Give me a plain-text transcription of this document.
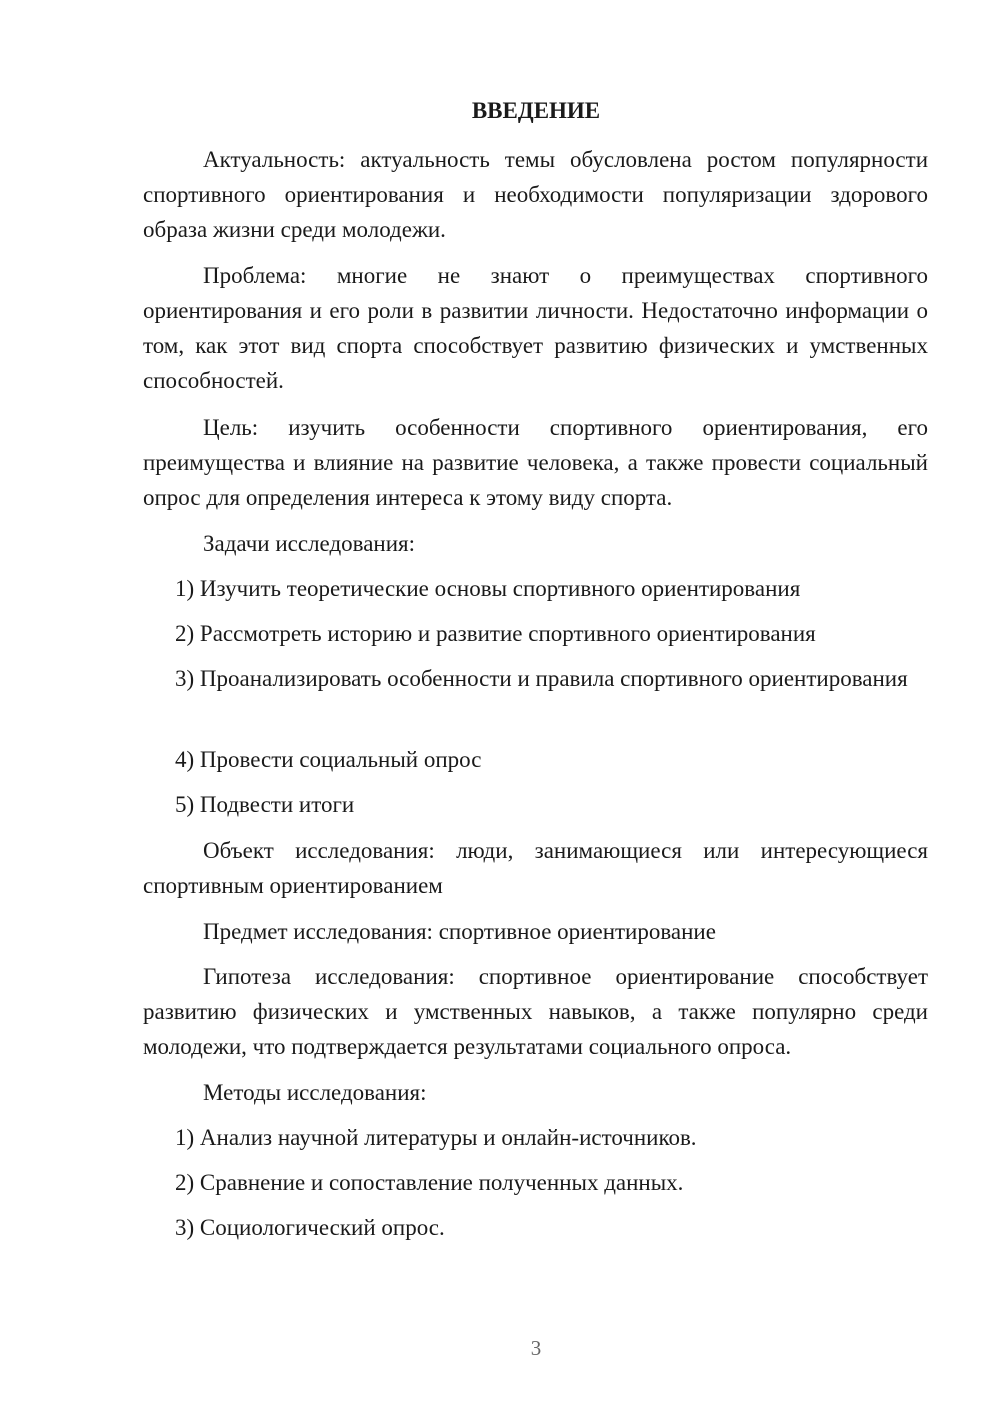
ВВЕДЕНИЕ

Актуальность: актуальность темы обусловлена ростом популярности спортивного ориентирования и необходимости популяризации здорового образа жизни среди молодежи.

Проблема: многие не знают о преимуществах спортивного ориентирования и его роли в развитии личности. Недостаточно информации о том, как этот вид спорта способствует развитию физических и умственных способностей.

Цель: изучить особенности спортивного ориентирования, его преимущества и влияние на развитие человека, а также провести социальный опрос для определения интереса к этому виду спорта.

Задачи исследования:

1) Изучить теоретические основы спортивного ориентирования

2) Рассмотреть историю и развитие спортивного ориентирования

3) Проанализировать особенности и правила спортивного ориентирования

4) Провести социальный опрос

5) Подвести итоги

Объект исследования: люди, занимающиеся или интересующиеся спортивным ориентированием

Предмет исследования: спортивное ориентирование

Гипотеза исследования: спортивное ориентирование способствует развитию физических и умственных навыков, а также популярно среди молодежи, что подтверждается результатами социального опроса.

Методы исследования:

1) Анализ научной литературы и онлайн-источников.

2) Сравнение и сопоставление полученных данных.

3) Социологический опрос.

3
